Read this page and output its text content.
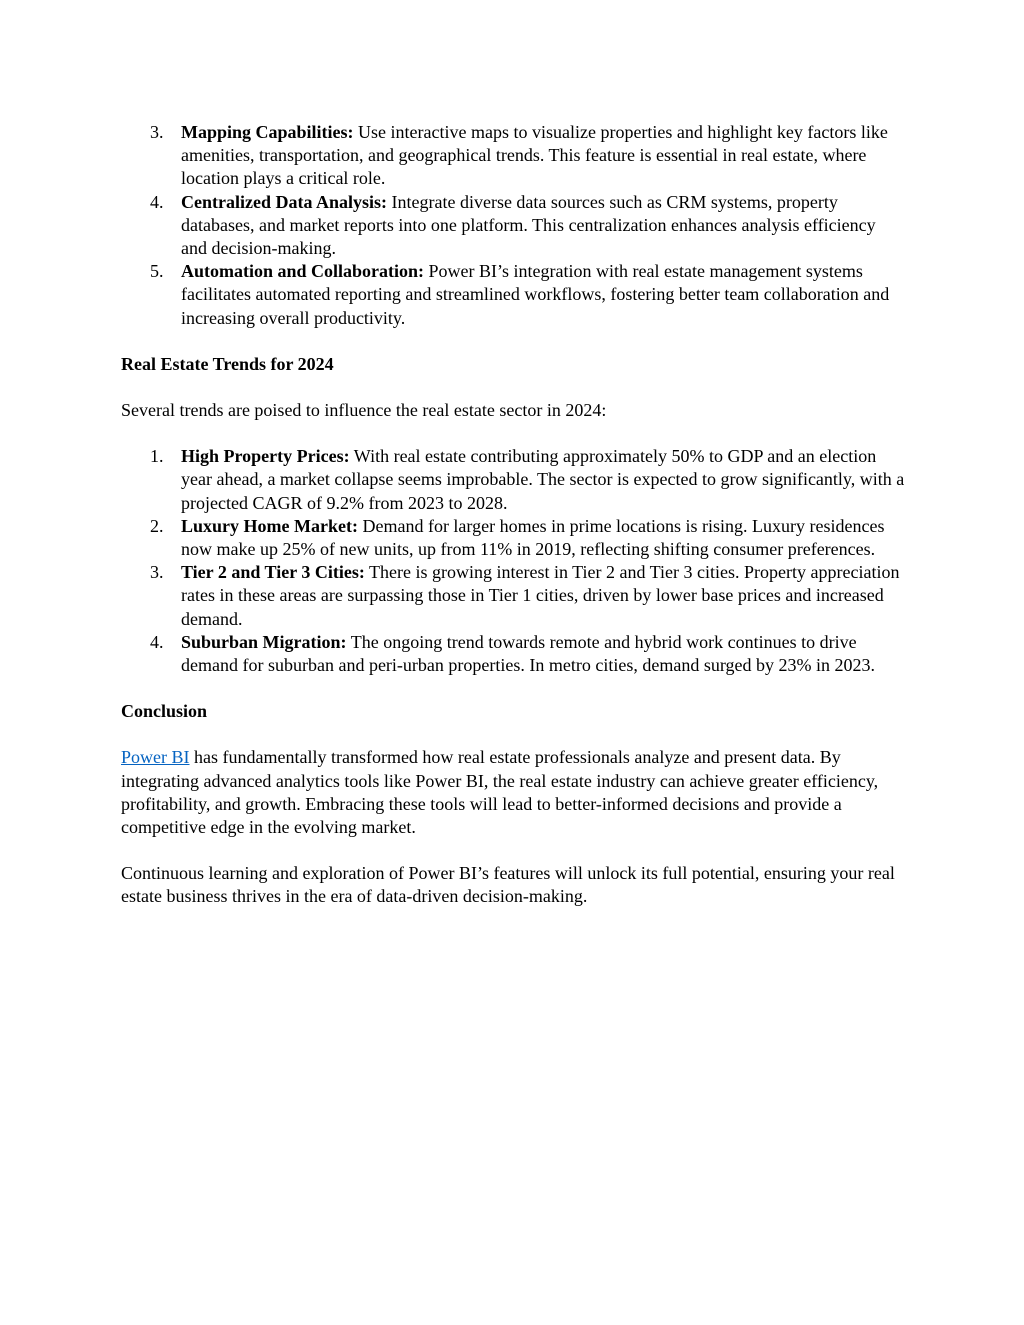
3. Mapping Capabilities: Use interactive maps to visualize properties and highlight key factors like amenities, transportation, and geographical trends. This feature is essential in real estate, where location plays a critical role.
4. Centralized Data Analysis: Integrate diverse data sources such as CRM systems, property databases, and market reports into one platform. This centralization enhances analysis efficiency and decision-making.
5. Automation and Collaboration: Power BI’s integration with real estate management systems facilitates automated reporting and streamlined workflows, fostering better team collaboration and increasing overall productivity.

Real Estate Trends for 2024

Several trends are poised to influence the real estate sector in 2024:

1. High Property Prices: With real estate contributing approximately 50% to GDP and an election year ahead, a market collapse seems improbable. The sector is expected to grow significantly, with a projected CAGR of 9.2% from 2023 to 2028.
2. Luxury Home Market: Demand for larger homes in prime locations is rising. Luxury residences now make up 25% of new units, up from 11% in 2019, reflecting shifting consumer preferences.
3. Tier 2 and Tier 3 Cities: There is growing interest in Tier 2 and Tier 3 cities. Property appreciation rates in these areas are surpassing those in Tier 1 cities, driven by lower base prices and increased demand.
4. Suburban Migration: The ongoing trend towards remote and hybrid work continues to drive demand for suburban and peri-urban properties. In metro cities, demand surged by 23% in 2023.

Conclusion

Power BI has fundamentally transformed how real estate professionals analyze and present data. By integrating advanced analytics tools like Power BI, the real estate industry can achieve greater efficiency, profitability, and growth. Embracing these tools will lead to better-informed decisions and provide a competitive edge in the evolving market.

Continuous learning and exploration of Power BI’s features will unlock its full potential, ensuring your real estate business thrives in the era of data-driven decision-making.
